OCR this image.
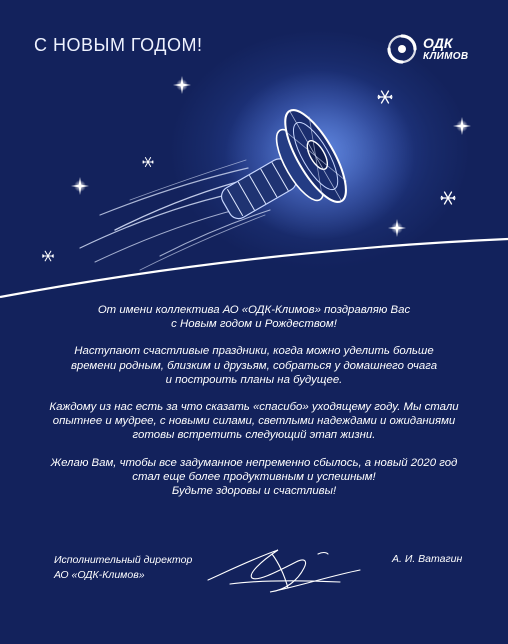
С НОВЫМ ГОДОМ!	ОДК
КЛИМОВ

От имени коллектива АО «ОДК-Климов» поздравляю Вас
с Новым годом и Рождеством!

Наступают счастливые праздники, когда можно уделить больше
времени родным, близким и друзьям, собраться у домашнего очага
и построить планы на будущее.

Каждому из нас есть за что сказать «спасибо» уходящему году. Мы стали
опытнее и мудрее, с новыми силами, светлыми надеждами и ожиданиями
готовы встретить следующий этап жизни.

Желаю Вам, чтобы все задуманное непременно сбылось, а новый 2020 год
стал еще более продуктивным и успешным!
Будьте здоровы и счастливы!

Исполнительный директор
АО «ОДК-Климов»
А. И. Ватагин
